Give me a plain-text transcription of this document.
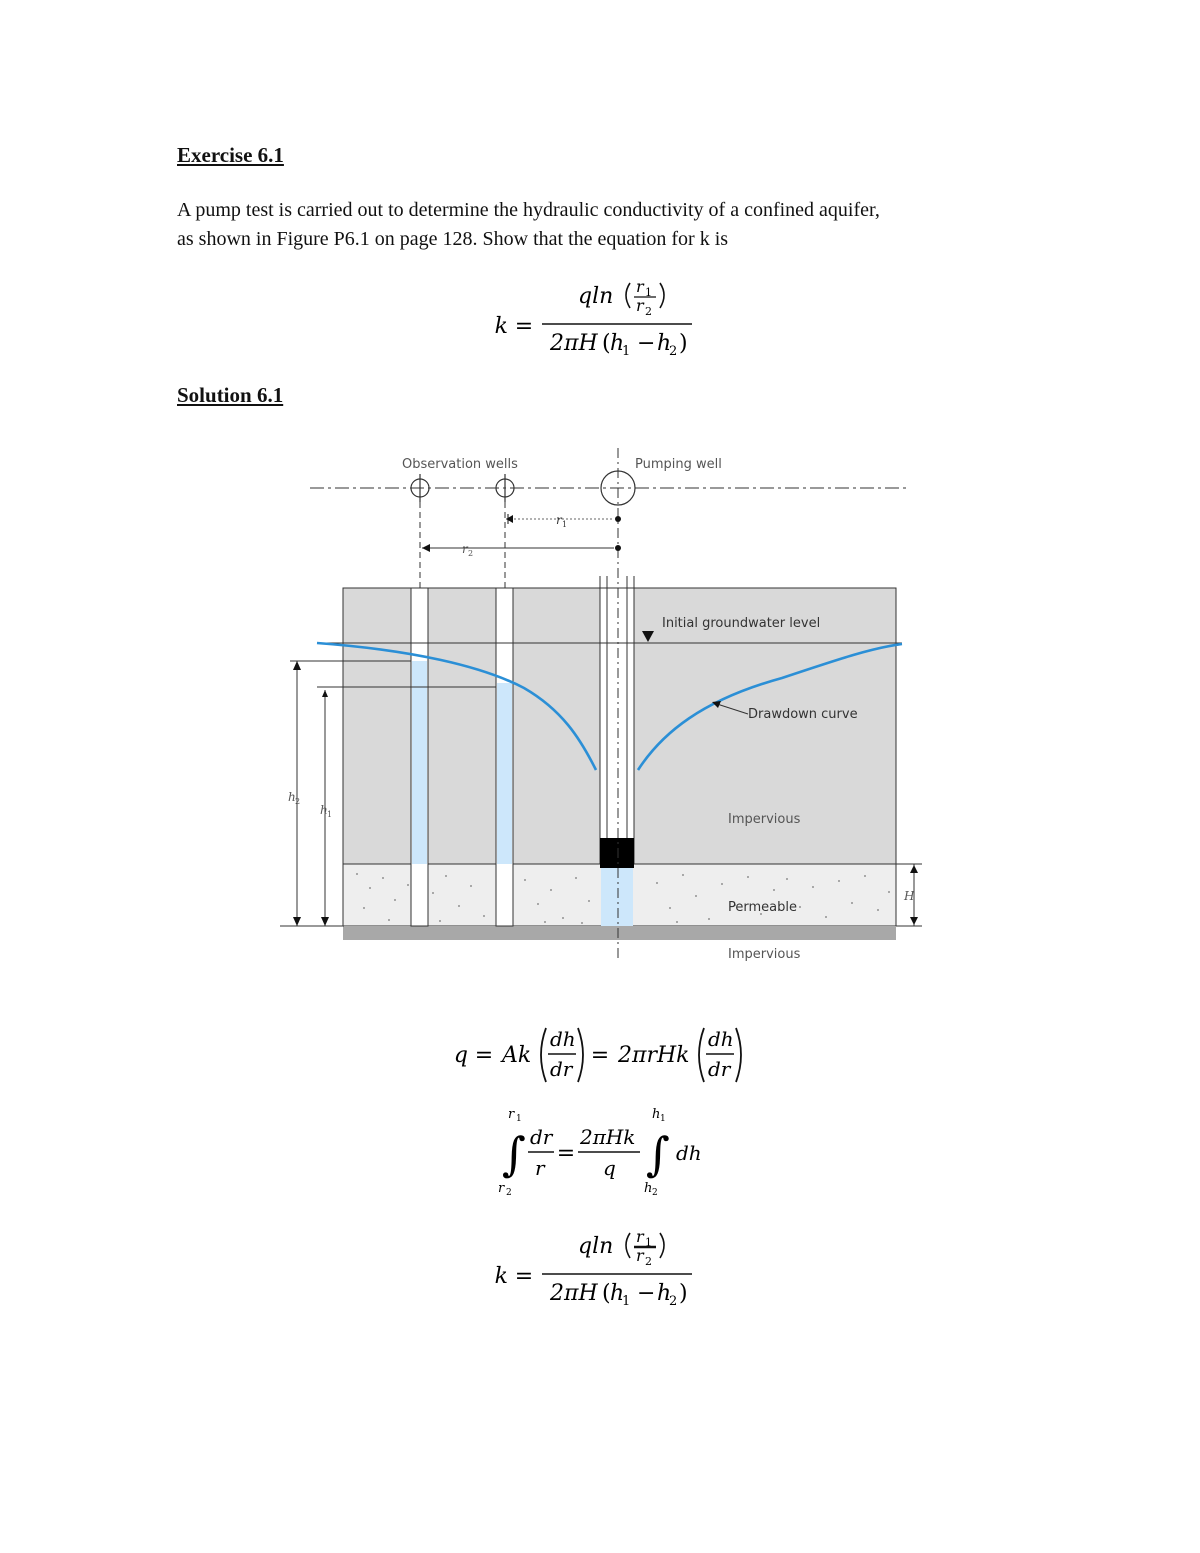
Exercise 6.1
A pump test is carried out to determine the hydraulic conductivity of a confined aquifer,
as shown in Figure P6.1 on page 128. Show that the equation for k is
k =
qln r 1
r 2
2πH ( h
1 − h
2 )
Solution 6.1
r 1
r 2
h 2
h 1
H
Observation wells	Pumping well
Initial groundwater level
Drawdown curve
Impervious
Permeable
Impervious
q = Ak
dh
dr
= 2πrHk
dh
dr
r 1
∫
r 2
dr
r
=
2πHk
q
h 1
∫
h 2
dh
k =
qln r 1
r 2
2πH ( h
1 − h
2 )
